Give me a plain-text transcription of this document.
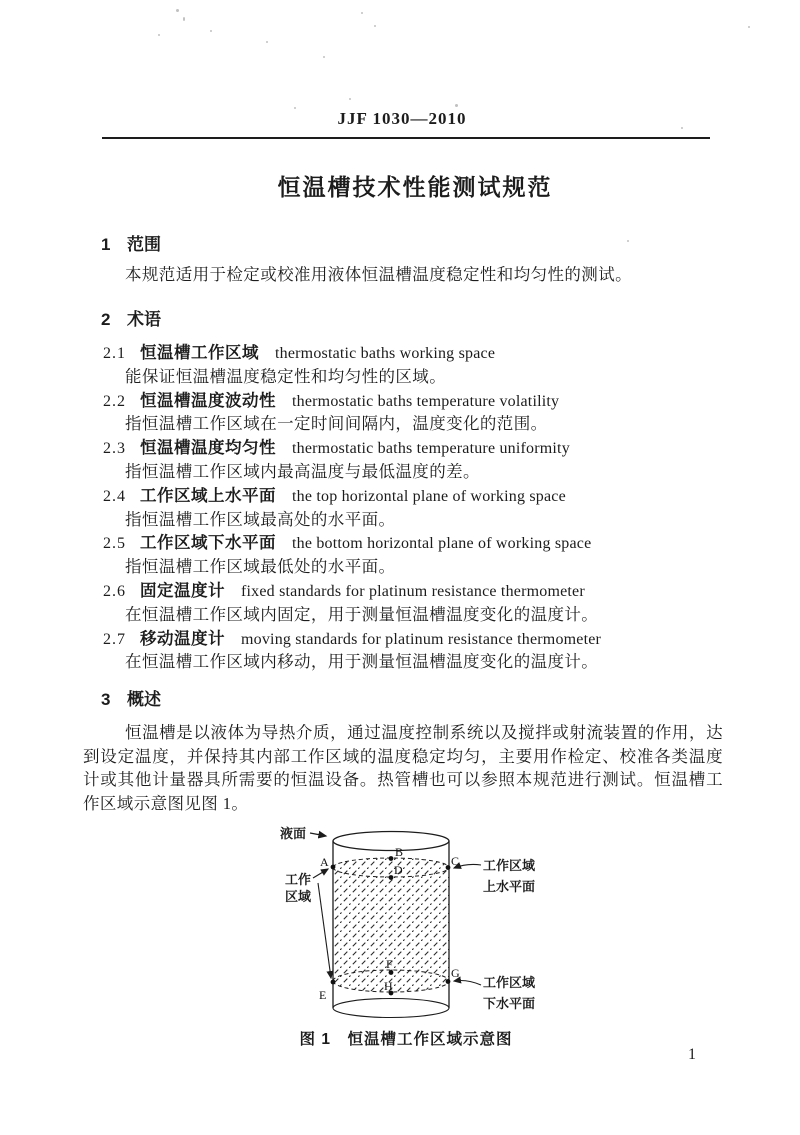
JJF 1030—2010
恒温槽技术性能测试规范
1 范围
本规范适用于检定或校准用液体恒温槽温度稳定性和均匀性的测试。
2 术语
2.1 恒温槽工作区域 thermostatic baths working space
能保证恒温槽温度稳定性和均匀性的区域。
2.2 恒温槽温度波动性 thermostatic baths temperature volatility
指恒温槽工作区域在一定时间间隔内，温度变化的范围。
2.3 恒温槽温度均匀性 thermostatic baths temperature uniformity
指恒温槽工作区域内最高温度与最低温度的差。
2.4 工作区域上水平面 the top horizontal plane of working space
指恒温槽工作区域最高处的水平面。
2.5 工作区域下水平面 the bottom horizontal plane of working space
指恒温槽工作区域最低处的水平面。
2.6 固定温度计 fixed standards for platinum resistance thermometer
在恒温槽工作区域内固定，用于测量恒温槽温度变化的温度计。
2.7 移动温度计 moving standards for platinum resistance thermometer
在恒温槽工作区域内移动，用于测量恒温槽温度变化的温度计。
3 概述
恒温槽是以液体为导热介质，通过温度控制系统以及搅拌或射流装置的作用，达到设定温度，并保持其内部工作区域的温度稳定均匀，主要用作检定、校准各类温度计或其他计量器具所需要的恒温设备。热管槽也可以参照本规范进行测试。恒温槽工作区域示意图见图 1。
A
B
C
D
E
F
G
H
液面
工作
区域
工作区域
上水平面
工作区域
下水平面
图 1　恒温槽工作区域示意图
1
